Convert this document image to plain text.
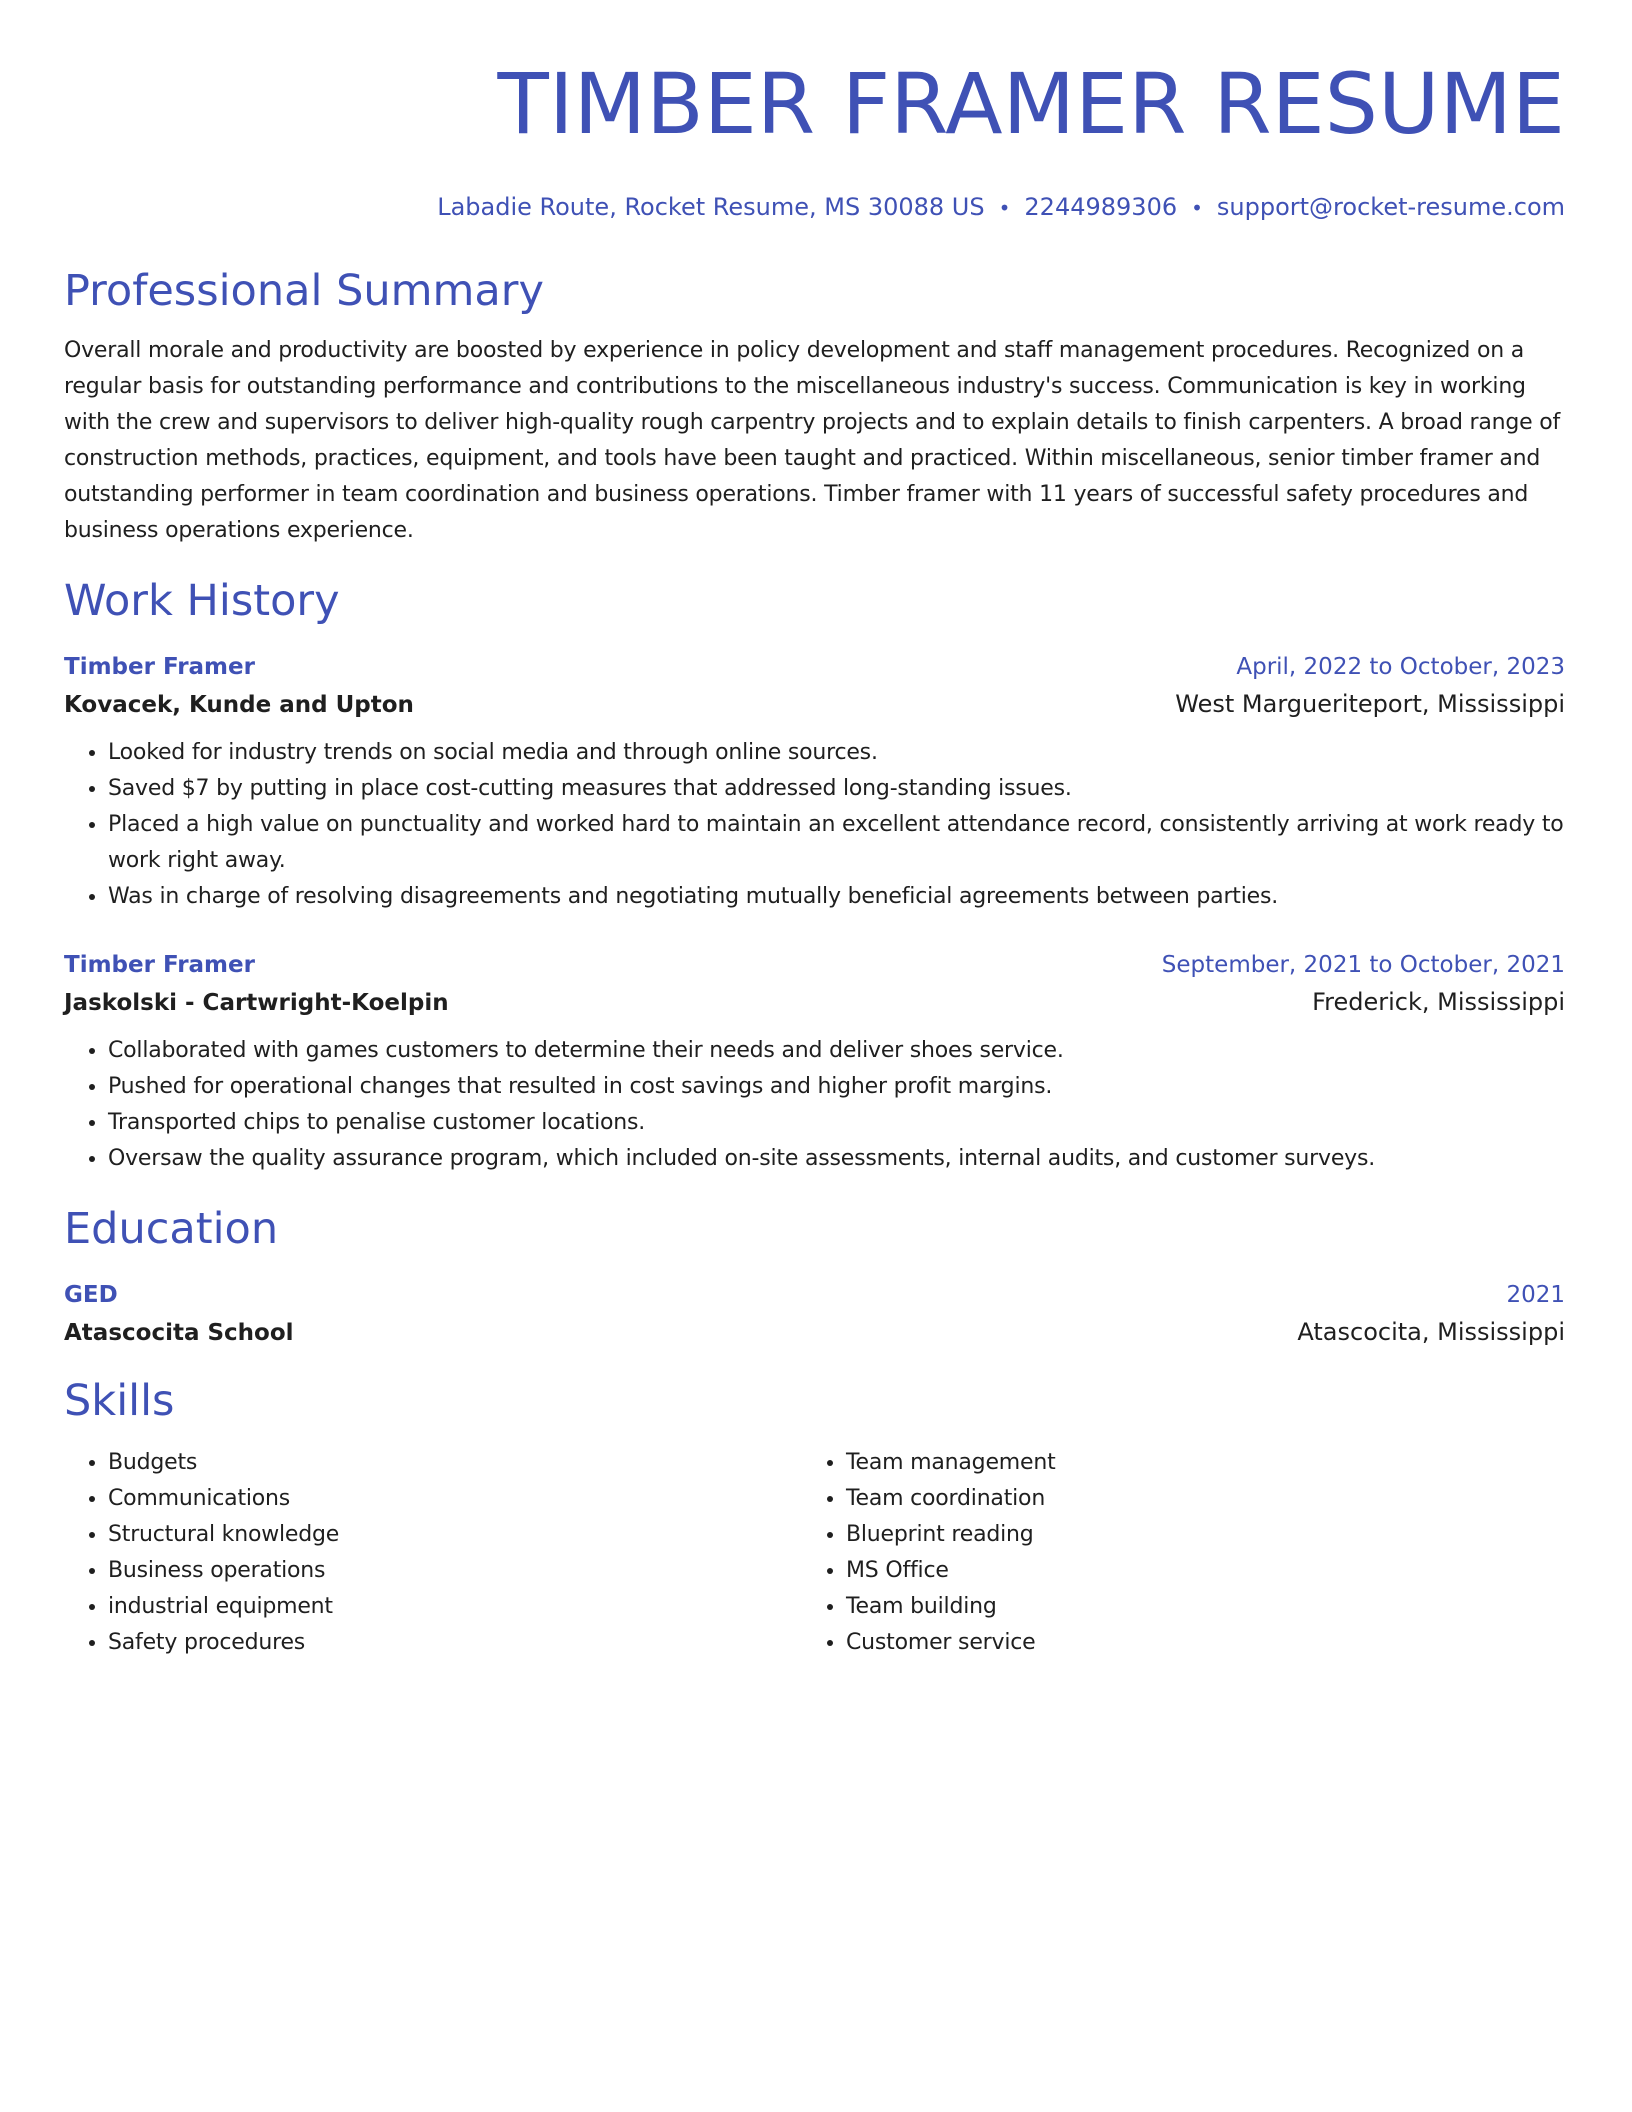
TIMBER FRAMER RESUME
Labadie Route, Rocket Resume, MS 30088 US • 2244989306 • support@rocket-resume.com
Professional Summary

Overall morale and productivity are boosted by experience in policy development and staff management procedures. Recognized on a regular basis for outstanding performance and contributions to the miscellaneous industry's success. Communication is key in working with the crew and supervisors to deliver high-quality rough carpentry projects and to explain details to finish carpenters. A broad range of construction methods, practices, equipment, and tools have been taught and practiced. Within miscellaneous, senior timber framer and outstanding performer in team coordination and business operations. Timber framer with 11 years of successful safety procedures and business operations experience.

Work History
Timber Framer	April, 2022 to October, 2023
Kovacek, Kunde and Upton	West Margueriteport, Mississippi
• Looked for industry trends on social media and through online sources.
• Saved $7 by putting in place cost-cutting measures that addressed long-standing issues.
• Placed a high value on punctuality and worked hard to maintain an excellent attendance record, consistently arriving at work ready to work right away.
• Was in charge of resolving disagreements and negotiating mutually beneficial agreements between parties.
Timber Framer	September, 2021 to October, 2021
Jaskolski - Cartwright-Koelpin	Frederick, Mississippi
• Collaborated with games customers to determine their needs and deliver shoes service.
• Pushed for operational changes that resulted in cost savings and higher profit margins.
• Transported chips to penalise customer locations.
• Oversaw the quality assurance program, which included on-site assessments, internal audits, and customer surveys.
Education
GED	2021
Atascocita School	Atascocita, Mississippi
Skills
• Budgets
• Communications
• Structural knowledge
• Business operations
• industrial equipment
• Safety procedures
• Team management
• Team coordination
• Blueprint reading
• MS Office
• Team building
• Customer service
